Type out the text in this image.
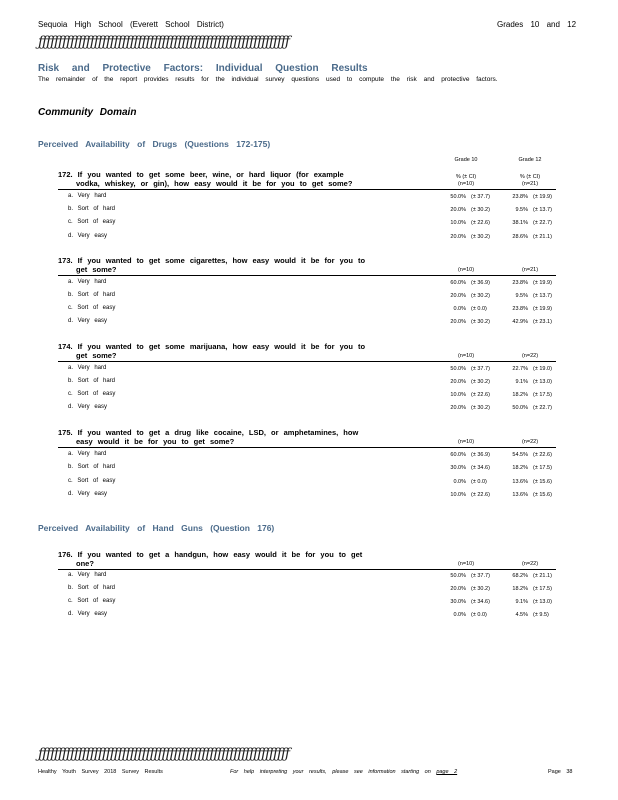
Sequoia High School (Everett School District)	Grades 10 and 12
ƒƒƒƒƒƒƒƒƒƒƒƒƒƒƒƒƒƒƒƒƒƒƒƒƒƒƒƒƒƒƒƒƒƒƒƒƒƒƒƒƒƒƒƒƒƒƒƒƒƒƒƒƒƒƒƒƒƒƒƒƒƒƒ
Risk and Protective Factors: Individual Question Results
The remainder of the report provides results for the individual survey questions used to compute the risk and protective factors.
Community Domain
Perceived Availability of Drugs (Questions 172-175)
Grade 10	Grade 12
% (± CI)	% (± CI)
172. If you wanted to get some beer, wine, or hard liquor (for example
vodka, whiskey, or gin), how easy would it be for you to get some?	(n=10)	(n=21)
a. Very hard	50.0% (± 37.7)	23.8% (± 19.9)
b. Sort of hard	20.0% (± 30.2)	9.5% (± 13.7)
c. Sort of easy	10.0% (± 22.6)	38.1% (± 22.7)
d. Very easy	20.0% (± 30.2)	28.6% (± 21.1)
173. If you wanted to get some cigarettes, how easy would it be for you to
get some?	(n=10)	(n=21)
a. Very hard	60.0% (± 36.9)	23.8% (± 19.9)
b. Sort of hard	20.0% (± 30.2)	9.5% (± 13.7)
c. Sort of easy	0.0% (± 0.0)	23.8% (± 19.9)
d. Very easy	20.0% (± 30.2)	42.9% (± 23.1)
174. If you wanted to get some marijuana, how easy would it be for you to
get some?	(n=10)	(n=22)
a. Very hard	50.0% (± 37.7)	22.7% (± 19.0)
b. Sort of hard	20.0% (± 30.2)	9.1% (± 13.0)
c. Sort of easy	10.0% (± 22.6)	18.2% (± 17.5)
d. Very easy	20.0% (± 30.2)	50.0% (± 22.7)
175. If you wanted to get a drug like cocaine, LSD, or amphetamines, how
easy would it be for you to get some?	(n=10)	(n=22)
a. Very hard	60.0% (± 36.9)	54.5% (± 22.6)
b. Sort of hard	30.0% (± 34.6)	18.2% (± 17.5)
c. Sort of easy	0.0% (± 0.0)	13.6% (± 15.6)
d. Very easy	10.0% (± 22.6)	13.6% (± 15.6)
Perceived Availability of Hand Guns (Question 176)
176. If you wanted to get a handgun, how easy would it be for you to get
one?	(n=10)	(n=22)
a. Very hard	50.0% (± 37.7)	68.2% (± 21.1)
b. Sort of hard	20.0% (± 30.2)	18.2% (± 17.5)
c. Sort of easy	30.0% (± 34.6)	9.1% (± 13.0)
d. Very easy	0.0% (± 0.0)	4.5% (± 9.5)
ƒƒƒƒƒƒƒƒƒƒƒƒƒƒƒƒƒƒƒƒƒƒƒƒƒƒƒƒƒƒƒƒƒƒƒƒƒƒƒƒƒƒƒƒƒƒƒƒƒƒƒƒƒƒƒƒƒƒƒƒƒƒƒ
Healthy Youth Survey 2018 Survey Results	For help interpreting your results, please see information starting on page 2	Page 38
